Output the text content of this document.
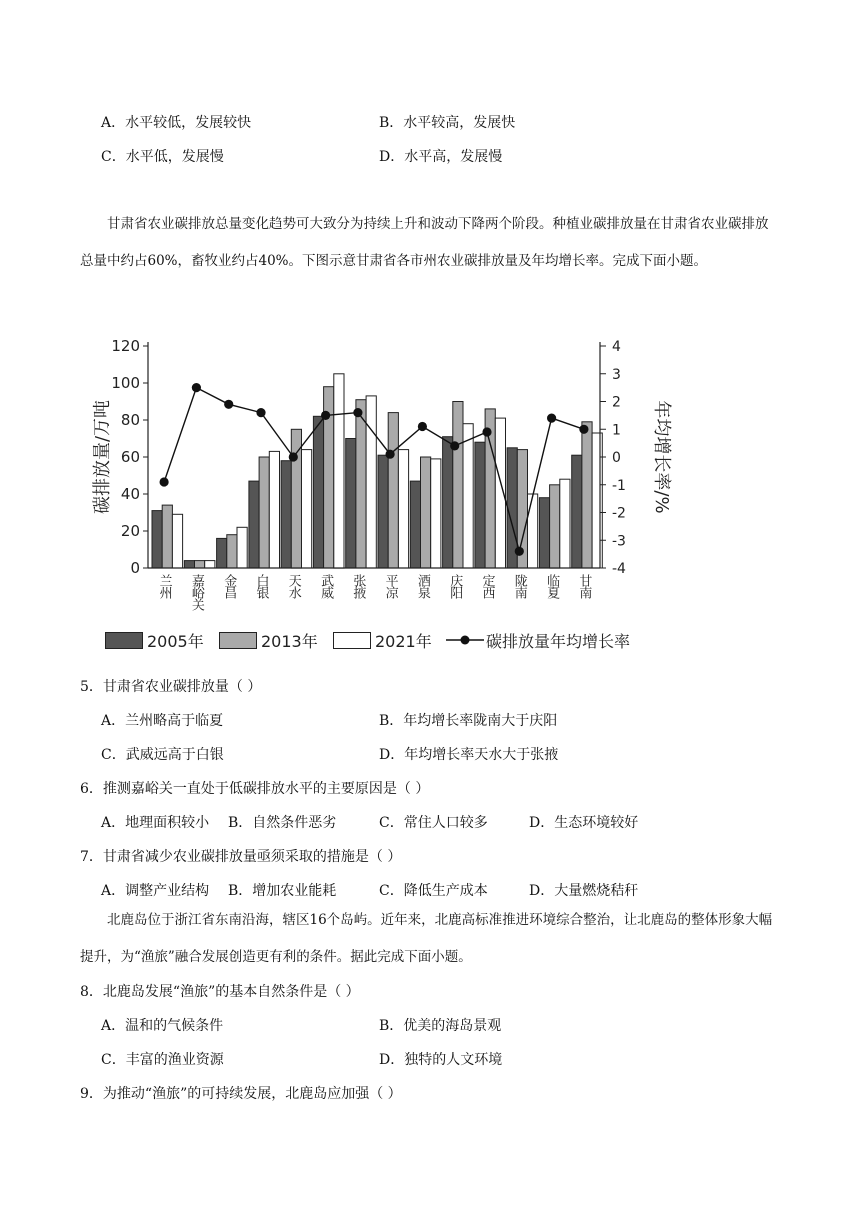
A．水平较低，发展较快	B．水平较高，发展快
C．水平低，发展慢	D．水平高，发展慢

甘肃省农业碳排放总量变化趋势可大致分为持续上升和波动下降两个阶段。种植业碳排放量在甘肃省农业碳排放总量中约占60%，畜牧业约占40%。下图示意甘肃省各市州农业碳排放量及年均增长率。完成下面小题。

0
20
40
60
80
100
120
-4
-3
-2
-1
0
1
2
3
4
兰州 嘉峪关 金昌 白银 天水 武威 张掖 平凉 酒泉 庆阳 定西 陇南 临夏 甘南
碳排放量/万吨	年均增长率/%
2005年	2013年	2021年	碳排放量年均增长率
5．甘肃省农业碳排放量（ ）
A．兰州略高于临夏	B．年均增长率陇南大于庆阳
C．武威远高于白银	D．年均增长率天水大于张掖
6．推测嘉峪关一直处于低碳排放水平的主要原因是（ ）
A．地理面积较小 B．自然条件恶劣	C．常住人口较多	D．生态环境较好
7．甘肃省减少农业碳排放量亟须采取的措施是（ ）
A．调整产业结构 B．增加农业能耗	C．降低生产成本	D．大量燃烧秸秆

北鹿岛位于浙江省东南沿海，辖区16个岛屿。近年来，北鹿高标准推进环境综合整治，让北鹿岛的整体形象大幅提升，为“渔旅”融合发展创造更有利的条件。据此完成下面小题。

8．北鹿岛发展“渔旅”的基本自然条件是（ ）
A．温和的气候条件	B．优美的海岛景观
C．丰富的渔业资源	D．独特的人文环境
9．为推动“渔旅”的可持续发展，北鹿岛应加强（ ）
